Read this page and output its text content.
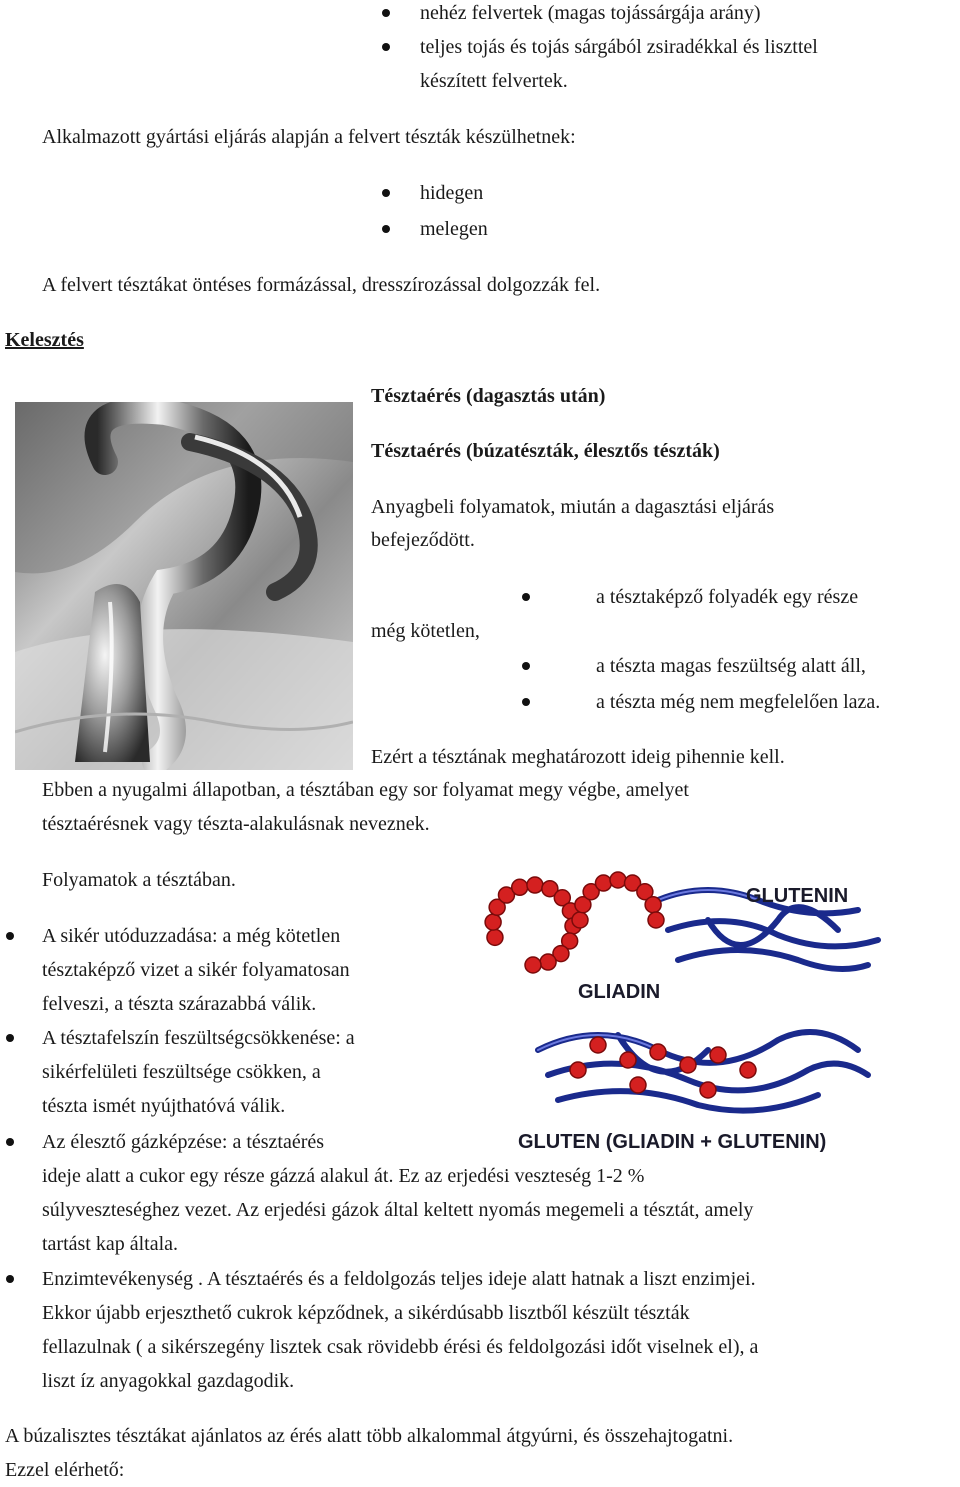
nehéz felvertek (magas tojássárgája arány)
teljes tojás és tojás sárgából zsiradékkal és liszttel
készített felvertek.
Alkalmazott gyártási eljárás alapján a felvert tészták készülhetnek:
hidegen
melegen
A felvert tésztákat öntéses formázással, dresszírozással dolgozzák fel.
Kelesztés
Tésztaérés (dagasztás után)
Tésztaérés (búzatészták, élesztős tészták)
Anyagbeli folyamatok, miután a dagasztási eljárás
befejeződött.
a tésztaképző folyadék egy része
még kötetlen,
a tészta magas feszültség alatt áll,
a tészta még nem megfelelően laza.
Ezért a tésztának meghatározott ideig pihennie kell.
Ebben a nyugalmi állapotban, a tésztában egy sor folyamat megy végbe, amelyet
tésztaérésnek vagy tészta-alakulásnak neveznek.
Folyamatok a tésztában.
GLUTENIN
GLIADIN
GLUTEN (GLIADIN + GLUTENIN)
A sikér utóduzzadása: a még kötetlen
tésztaképző vizet a sikér folyamatosan
felveszi, a tészta szárazabbá válik.
A tésztafelszín feszültségcsökkenése: a
sikérfelületi feszültsége csökken, a
tészta ismét nyújthatóvá válik.
Az élesztő gázképzése: a tésztaérés
ideje alatt a cukor egy része gázzá alakul át. Ez az erjedési veszteség 1-2 %
súlyveszteséghez vezet. Az erjedési gázok által keltett nyomás megemeli a tésztát, amely
tartást kap általa.
Enzimtevékenység . A tésztaérés és a feldolgozás teljes ideje alatt hatnak a liszt enzimjei.
Ekkor újabb erjeszthető cukrok képződnek, a sikérdúsabb lisztből készült tészták
fellazulnak ( a sikérszegény lisztek csak rövidebb érési és feldolgozási időt viselnek el), a
liszt íz anyagokkal gazdagodik.
A búzalisztes tésztákat ajánlatos az érés alatt több alkalommal átgyúrni, és összehajtogatni.
Ezzel elérhető:
